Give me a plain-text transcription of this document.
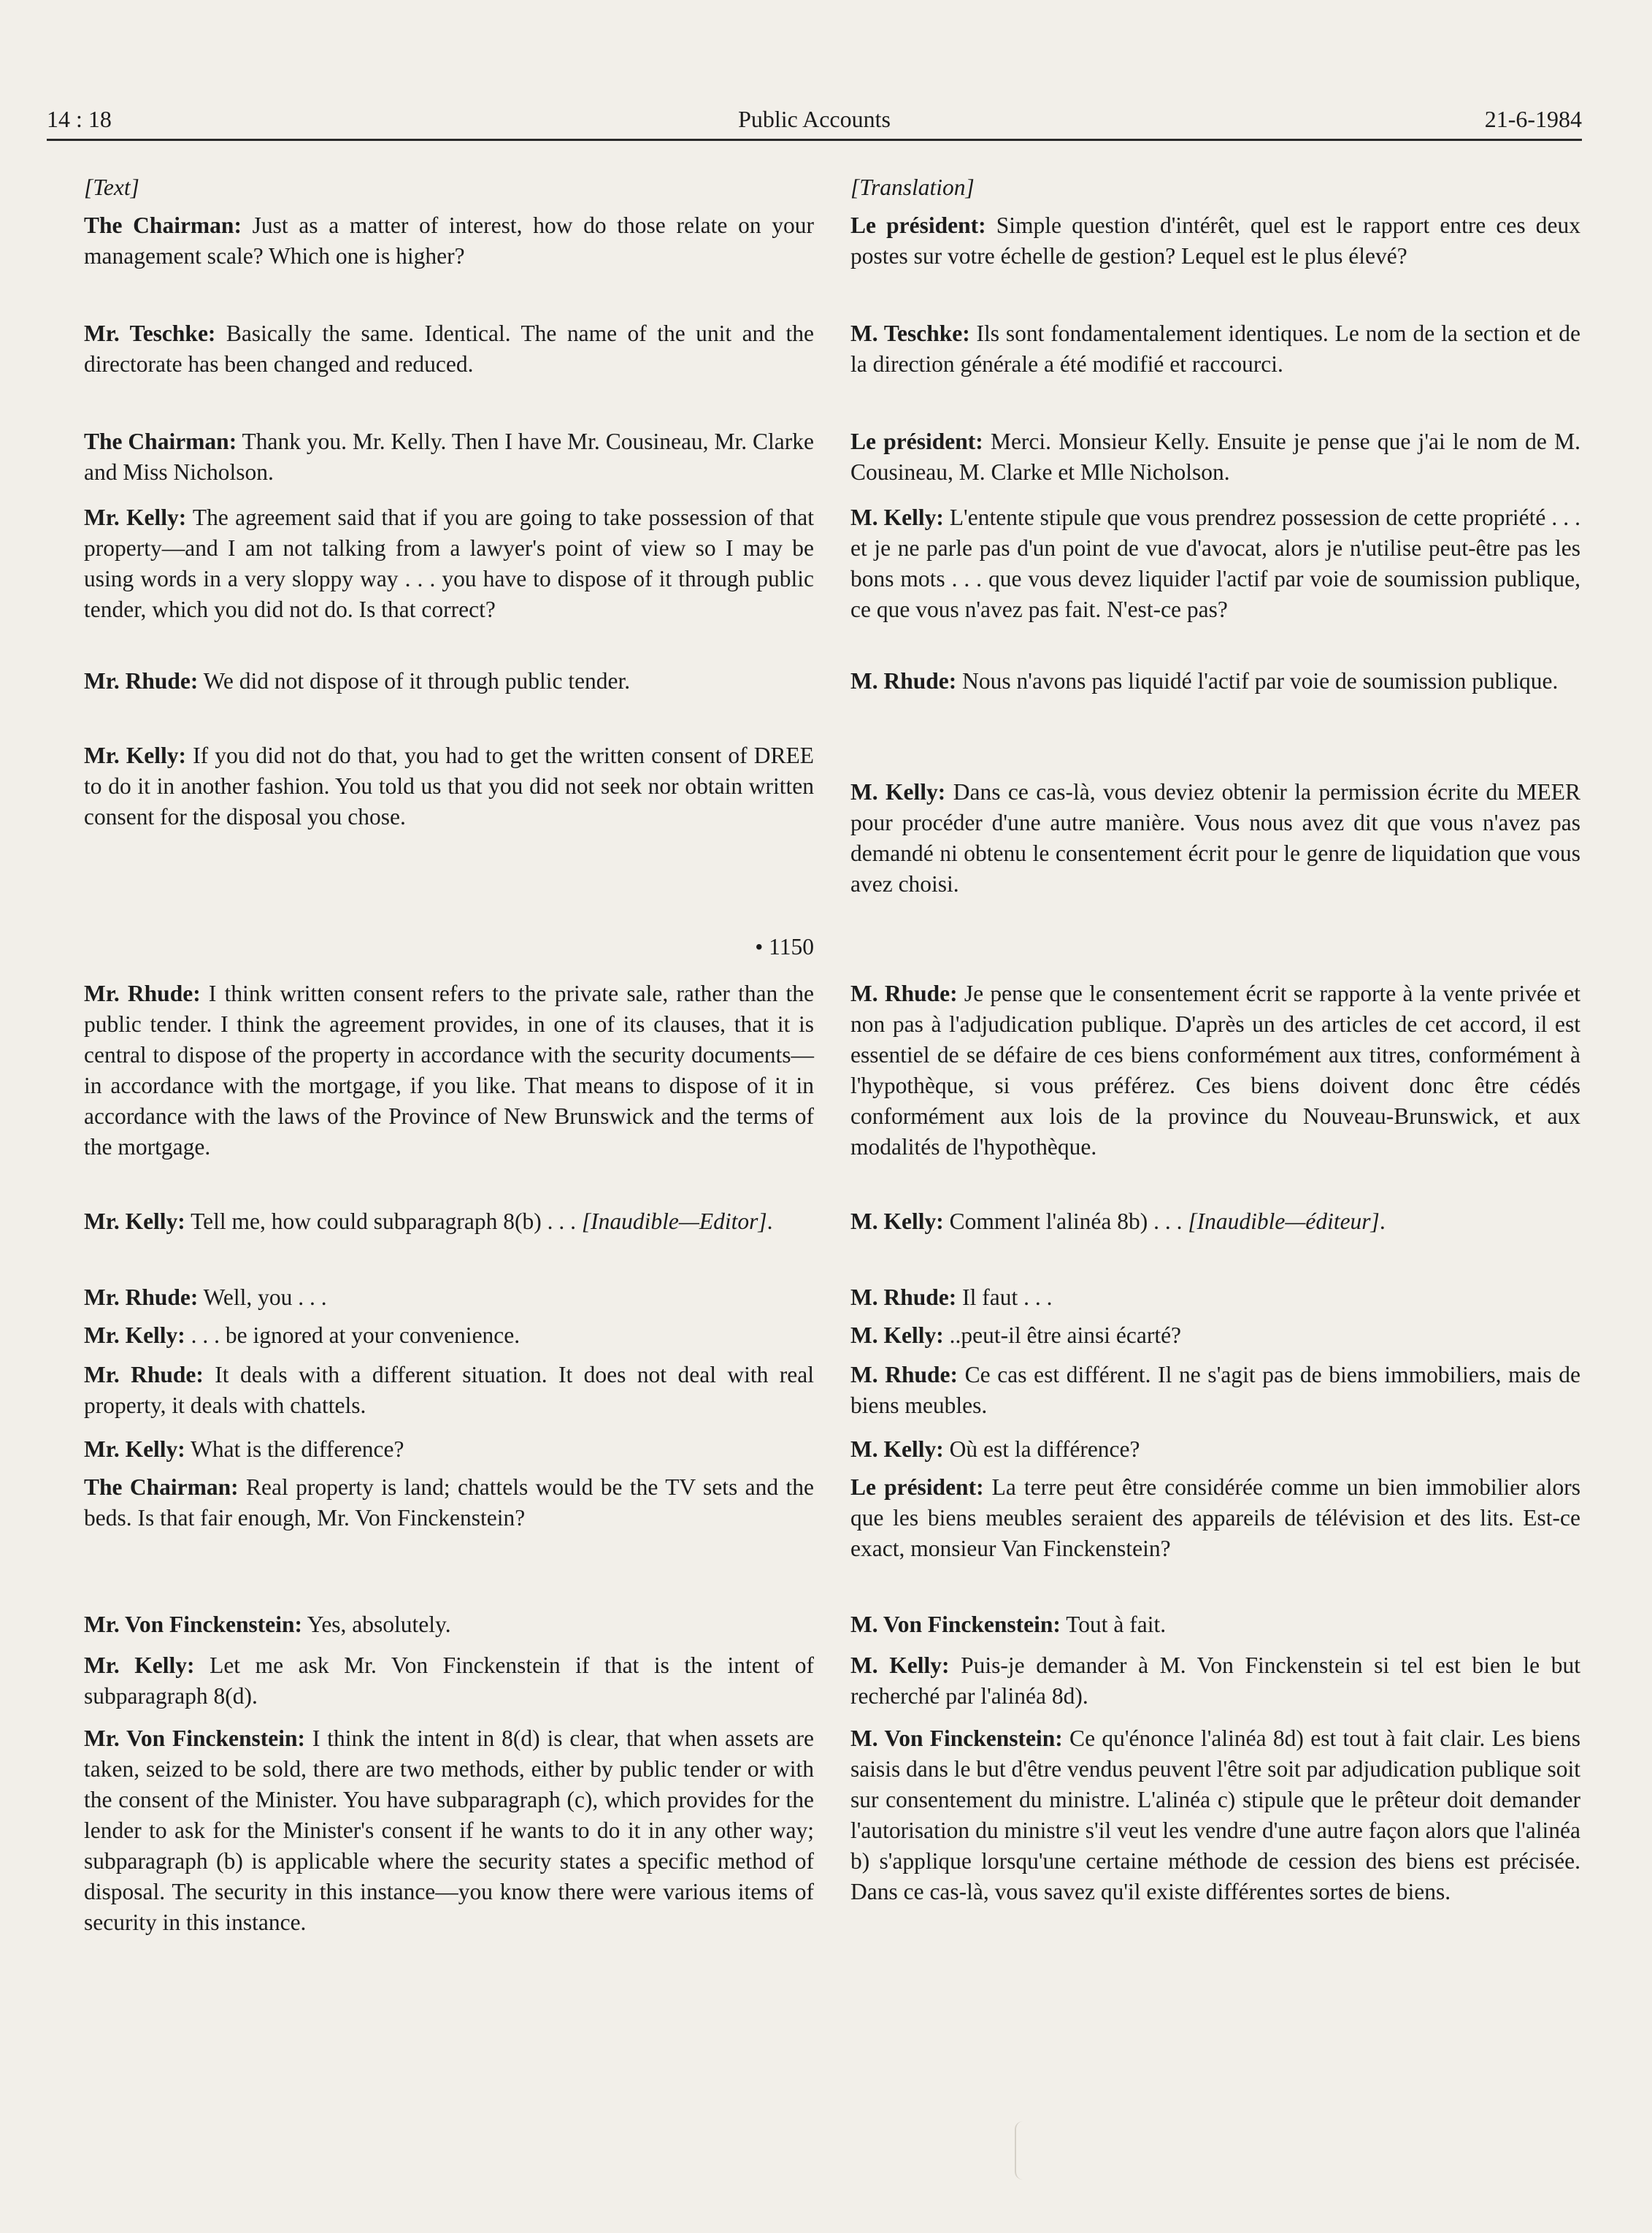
14 : 18	Public Accounts	21-6-1984

[Text]

The Chairman: Just as a matter of interest, how do those relate on your management scale? Which one is higher?

Mr. Teschke: Basically the same. Identical. The name of the unit and the directorate has been changed and reduced.

The Chairman: Thank you. Mr. Kelly. Then I have Mr. Cousineau, Mr. Clarke and Miss Nicholson.

Mr. Kelly: The agreement said that if you are going to take possession of that property—and I am not talking from a lawyer's point of view so I may be using words in a very sloppy way . . . you have to dispose of it through public tender, which you did not do. Is that correct?

Mr. Rhude: We did not dispose of it through public tender.

Mr. Kelly: If you did not do that, you had to get the written consent of DREE to do it in another fashion. You told us that you did not seek nor obtain written consent for the disposal you chose.

• 1150

Mr. Rhude: I think written consent refers to the private sale, rather than the public tender. I think the agreement provides, in one of its clauses, that it is central to dispose of the property in accordance with the security documents—in accordance with the mortgage, if you like. That means to dispose of it in accordance with the laws of the Province of New Brunswick and the terms of the mortgage.

Mr. Kelly: Tell me, how could subparagraph 8(b) . . . [Inaudible—Editor].

Mr. Rhude: Well, you . . .

Mr. Kelly: . . . be ignored at your convenience.

Mr. Rhude: It deals with a different situation. It does not deal with real property, it deals with chattels.

Mr. Kelly: What is the difference?

The Chairman: Real property is land; chattels would be the TV sets and the beds. Is that fair enough, Mr. Von Finckenstein?

Mr. Von Finckenstein: Yes, absolutely.

Mr. Kelly: Let me ask Mr. Von Finckenstein if that is the intent of subparagraph 8(d).

Mr. Von Finckenstein: I think the intent in 8(d) is clear, that when assets are taken, seized to be sold, there are two methods, either by public tender or with the consent of the Minister. You have subparagraph (c), which provides for the lender to ask for the Minister's consent if he wants to do it in any other way; subparagraph (b) is applicable where the security states a specific method of disposal. The security in this instance—you know there were various items of security in this instance.

[Translation]

Le président: Simple question d'intérêt, quel est le rapport entre ces deux postes sur votre échelle de gestion? Lequel est le plus élevé?

M. Teschke: Ils sont fondamentalement identiques. Le nom de la section et de la direction générale a été modifié et raccourci.

Le président: Merci. Monsieur Kelly. Ensuite je pense que j'ai le nom de M. Cousineau, M. Clarke et Mlle Nicholson.

M. Kelly: L'entente stipule que vous prendrez possession de cette propriété . . . et je ne parle pas d'un point de vue d'avocat, alors je n'utilise peut-être pas les bons mots . . . que vous devez liquider l'actif par voie de soumission publique, ce que vous n'avez pas fait. N'est-ce pas?

M. Rhude: Nous n'avons pas liquidé l'actif par voie de soumission publique.

M. Kelly: Dans ce cas-là, vous deviez obtenir la permission écrite du MEER pour procéder d'une autre manière. Vous nous avez dit que vous n'avez pas demandé ni obtenu le consentement écrit pour le genre de liquidation que vous avez choisi.

M. Rhude: Je pense que le consentement écrit se rapporte à la vente privée et non pas à l'adjudication publique. D'après un des articles de cet accord, il est essentiel de se défaire de ces biens conformément aux titres, conformément à l'hypothèque, si vous préférez. Ces biens doivent donc être cédés conformément aux lois de la province du Nouveau-Brunswick, et aux modalités de l'hypothèque.

M. Kelly: Comment l'alinéa 8b) . . . [Inaudible—éditeur].

M. Rhude: Il faut . . .

M. Kelly: ..peut-il être ainsi écarté?

M. Rhude: Ce cas est différent. Il ne s'agit pas de biens immobiliers, mais de biens meubles.

M. Kelly: Où est la différence?

Le président: La terre peut être considérée comme un bien immobilier alors que les biens meubles seraient des appareils de télévision et des lits. Est-ce exact, monsieur Van Finckenstein?

M. Von Finckenstein: Tout à fait.

M. Kelly: Puis-je demander à M. Von Finckenstein si tel est bien le but recherché par l'alinéa 8d).

M. Von Finckenstein: Ce qu'énonce l'alinéa 8d) est tout à fait clair. Les biens saisis dans le but d'être vendus peuvent l'être soit par adjudication publique soit sur consentement du ministre. L'alinéa c) stipule que le prêteur doit demander l'autorisation du ministre s'il veut les vendre d'une autre façon alors que l'alinéa b) s'applique lorsqu'une certaine méthode de cession des biens est précisée. Dans ce cas-là, vous savez qu'il existe différentes sortes de biens.
